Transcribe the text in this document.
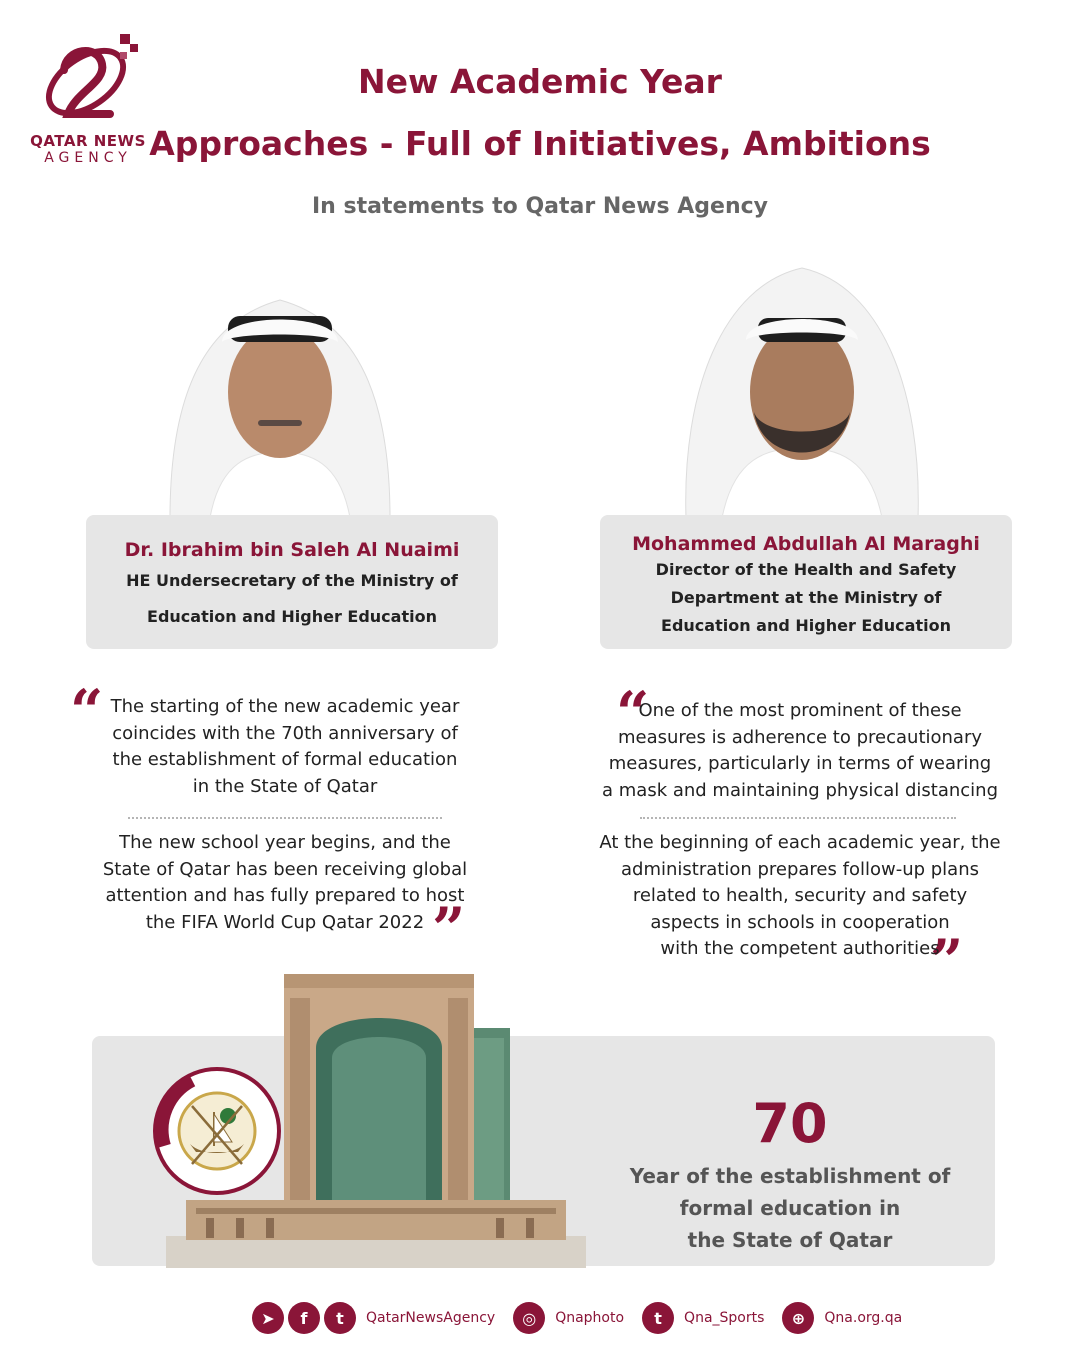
QATAR NEWS
AGENCY
New Academic Year
Approaches - Full of Initiatives, Ambitions
In statements to Qatar News Agency
Dr. Ibrahim bin Saleh Al Nuaimi
HE Undersecretary of the Ministry of
Education and Higher Education
Mohammed Abdullah Al Maraghi
Director of the Health and Safety
Department at the Ministry of
Education and Higher Education
“
”
“
”
The starting of the new academic year
coincides with the 70th anniversary of
the establishment of formal education
in the State of Qatar
The new school year begins, and the
State of Qatar has been receiving global
attention and has fully prepared to host
the FIFA World Cup Qatar 2022
One of the most prominent of these
measures is adherence to precautionary
measures, particularly in terms of wearing
a mask and maintaining physical distancing
At the beginning of each academic year, the
administration prepares follow-up plans
related to health, security and safety
aspects in schools in cooperation
with the competent authorities
70
Year of the establishment of
formal education in
the State of Qatar
➤	f	t	QatarNewsAgency	◎	Qnaphoto	t	Qna_Sports	⊕	Qna.org.qa
